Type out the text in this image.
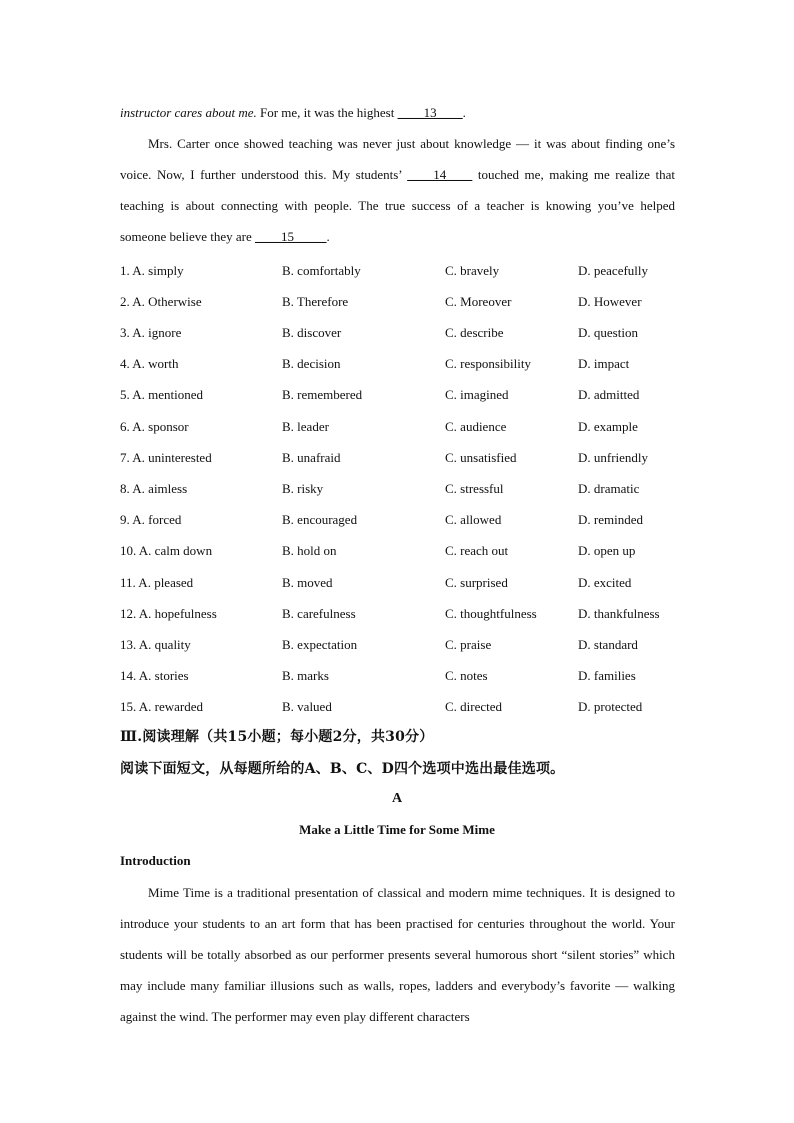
instructor cares about me. For me, it was the highest ____13____.
Mrs. Carter once showed teaching was never just about knowledge — it was about finding one’s voice. Now, I further understood this. My students’ ____14____ touched me, making me realize that teaching is about connecting with people. The true success of a teacher is knowing you’ve helped someone believe they are ____15_____.
1. A. simply	B. comfortably	C. bravely	D. peacefully
2. A. Otherwise	B. Therefore	C. Moreover	D. However
3. A. ignore	B. discover	C. describe	D. question
4. A. worth	B. decision	C. responsibility	D. impact
5. A. mentioned	B. remembered	C. imagined	D. admitted
6. A. sponsor	B. leader	C. audience	D. example
7. A. uninterested	B. unafraid	C. unsatisfied	D. unfriendly
8. A. aimless	B. risky	C. stressful	D. dramatic
9. A. forced	B. encouraged	C. allowed	D. reminded
10. A. calm down	B. hold on	C. reach out	D. open up
11. A. pleased	B. moved	C. surprised	D. excited
12. A. hopefulness	B. carefulness	C. thoughtfulness	D. thankfulness
13. A. quality	B. expectation	C. praise	D. standard
14. A. stories	B. marks	C. notes	D. families
15. A. rewarded	B. valued	C. directed	D. protected
Ⅲ.阅读理解（共15小题；每小题2分，共30分）
阅读下面短文，从每题所给的A、B、C、D四个选项中选出最佳选项。
A
Make a Little Time for Some Mime
Introduction
Mime Time is a traditional presentation of classical and modern mime techniques. It is designed to introduce your students to an art form that has been practised for centuries throughout the world. Your students will be totally absorbed as our performer presents several humorous short “silent stories” which may include many familiar illusions such as walls, ropes, ladders and everybody’s favorite — walking against the wind. The performer may even play different characters
